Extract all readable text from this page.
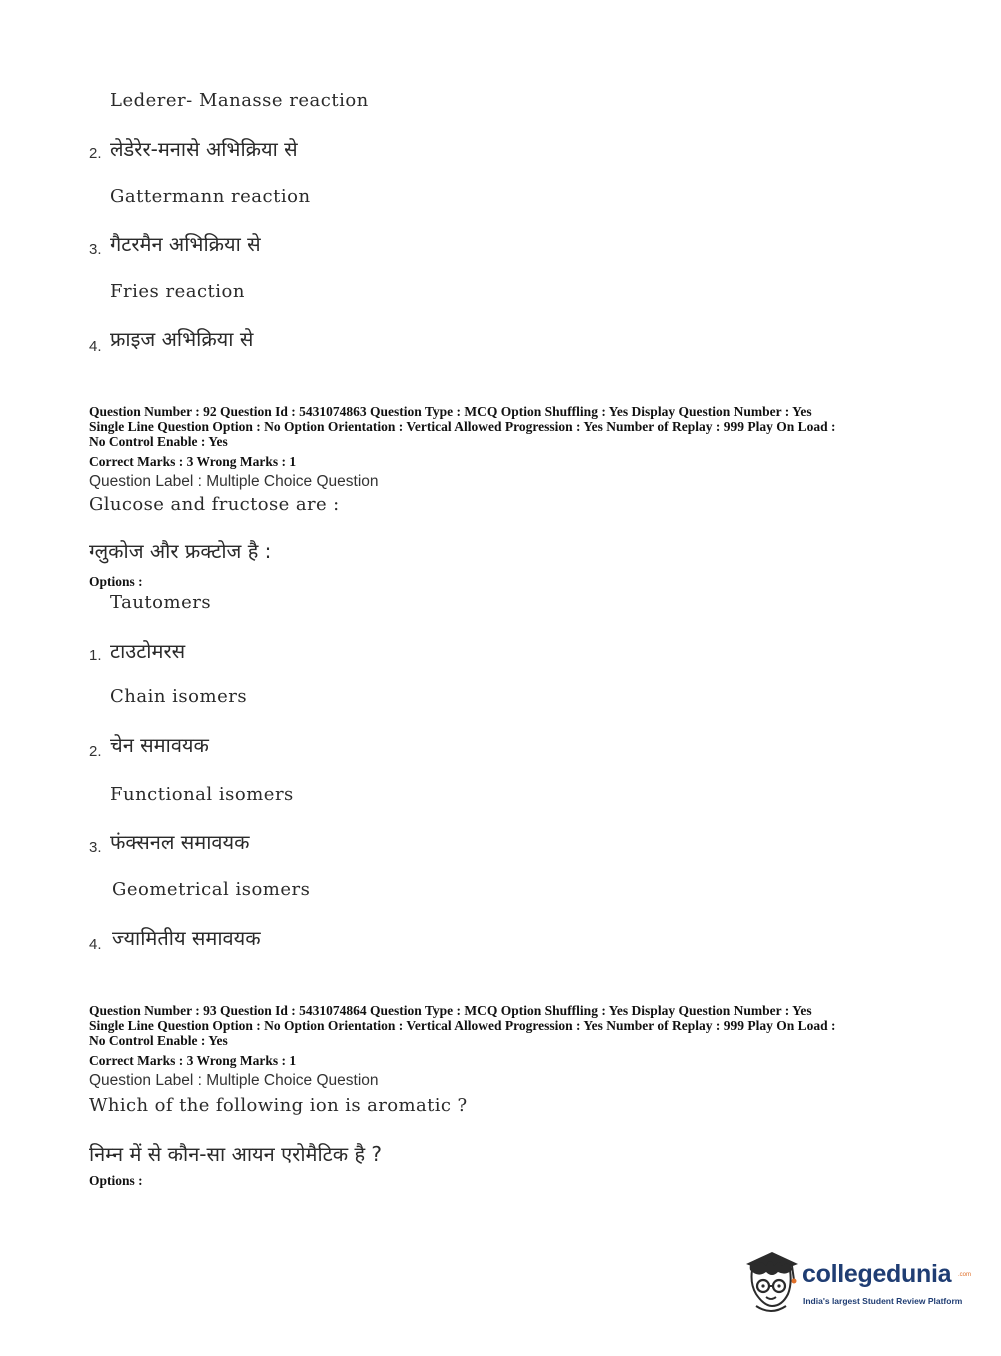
Lederer- Manasse reaction
2. लेडेरेर-मनासे अभिक्रिया से
Gattermann reaction
3. गैटरमैन अभिक्रिया से
Fries reaction
4. फ्राइज अभिक्रिया से
Question Number : 92 Question Id : 5431074863 Question Type : MCQ Option Shuffling : Yes Display Question Number : Yes
Single Line Question Option : No Option Orientation : Vertical Allowed Progression : Yes Number of Replay : 999 Play On Load :
No Control Enable : Yes
Correct Marks : 3 Wrong Marks : 1
Question Label : Multiple Choice Question
Glucose and fructose are :
ग्लुकोज और फ्रक्टोज है :
Options :
Tautomers
1. टाउटोमरस
Chain isomers
2. चेन समावयक
Functional isomers
3. फंक्सनल समावयक
Geometrical isomers
4. ज्यामितीय समावयक
Question Number : 93 Question Id : 5431074864 Question Type : MCQ Option Shuffling : Yes Display Question Number : Yes
Single Line Question Option : No Option Orientation : Vertical Allowed Progression : Yes Number of Replay : 999 Play On Load :
No Control Enable : Yes
Correct Marks : 3 Wrong Marks : 1
Question Label : Multiple Choice Question
Which of the following ion is aromatic ?
निम्न में से कौन-सा आयन एरोमैटिक है ?
Options :
collegedunia .com
India's largest Student Review Platform
